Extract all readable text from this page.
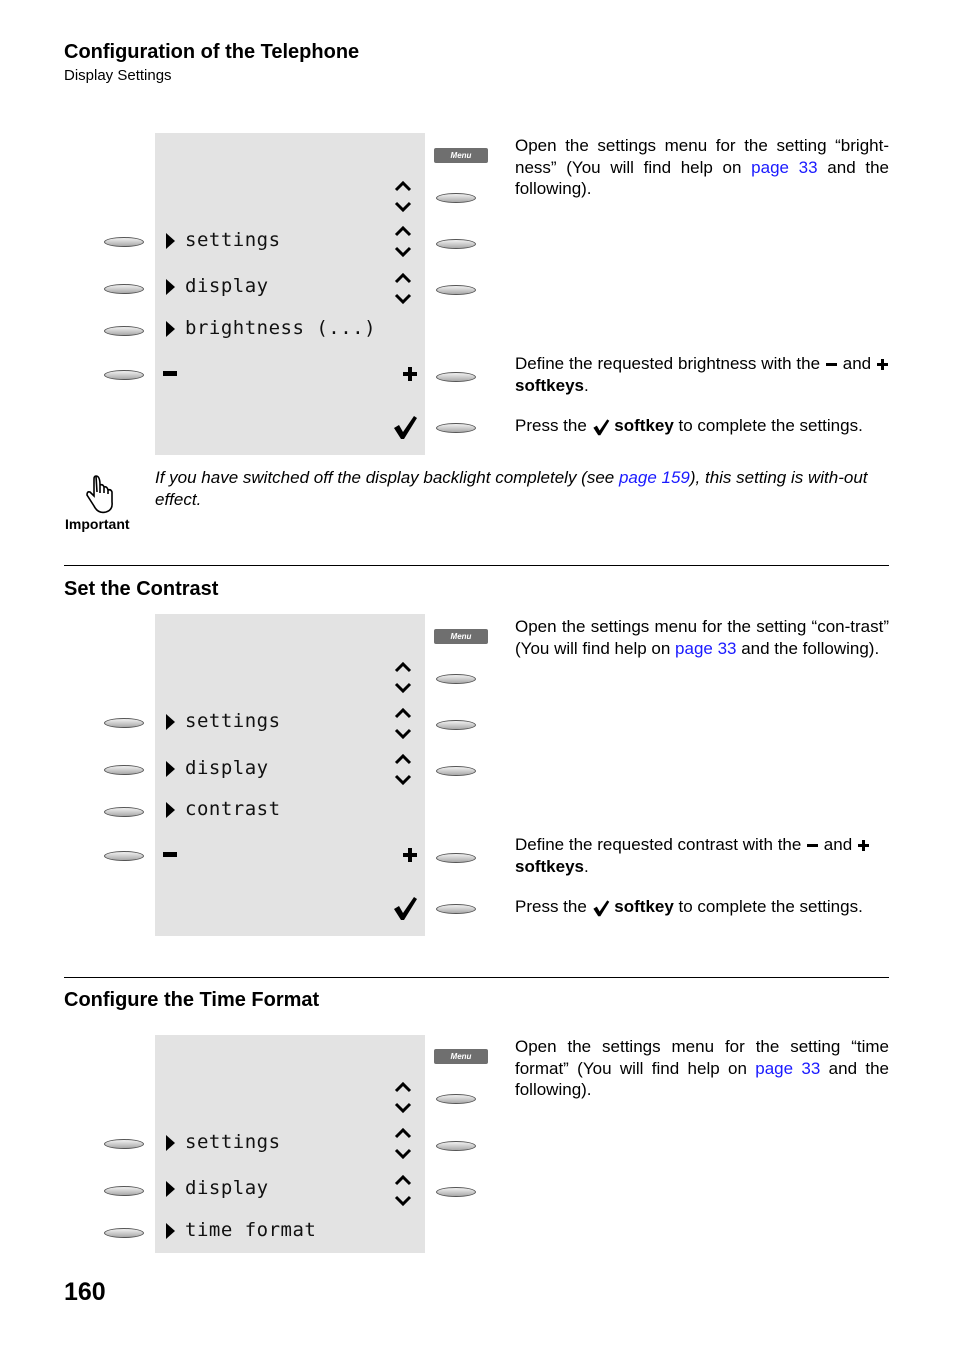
Configuration of the Telephone
Display Settings
Menu
settings
display
brightness (...)
Open the settings menu for the setting “bright-ness” (You will find help on page 33 and the following).
Define the requested brightness with the  and  softkeys.
Press the  softkey to complete the settings.
Important
If you have switched off the display backlight completely (see page 159), this setting is with-out effect.
Set the Contrast
Menu
settings
display
contrast
Open the settings menu for the setting “con-trast” (You will find help on page 33 and the following).
Define the requested contrast with the  and  softkeys.
Press the  softkey to complete the settings.
Configure the Time Format
Menu
settings
display
time format
Open the settings menu for the setting “time format” (You will find help on page 33 and the following).
160
